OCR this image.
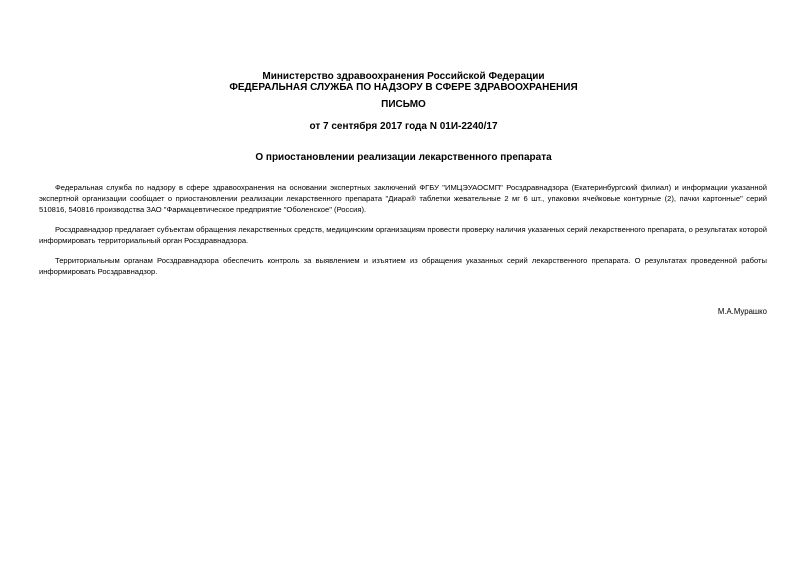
Министерство здравоохранения Российской Федерации
ФЕДЕРАЛЬНАЯ СЛУЖБА ПО НАДЗОРУ В СФЕРЕ ЗДРАВООХРАНЕНИЯ
ПИСЬМО
от 7 сентября 2017 года N 01И-2240/17
О приостановлении реализации лекарственного препарата
Федеральная служба по надзору в сфере здравоохранения на основании экспертных заключений ФГБУ "ИМЦЭУАОСМП" Росздравнадзора (Екатеринбургский филиал) и информации указанной экспертной организации сообщает о приостановлении реализации лекарственного препарата "Диара® таблетки жевательные 2 мг 6 шт., упаковки ячейковые контурные (2), пачки картонные" серий 510816, 540816 производства ЗАО "Фармацевтическое предприятие "Оболенское" (Россия).
Росздравнадзор предлагает субъектам обращения лекарственных средств, медицинским организациям провести проверку наличия указанных серий лекарственного препарата, о результатах которой информировать территориальный орган Росздравнадзора.
Территориальным органам Росздравнадзора обеспечить контроль за выявлением и изъятием из обращения указанных серий лекарственного препарата. О результатах проведенной работы информировать Росздравнадзор.
М.А.Мурашко
